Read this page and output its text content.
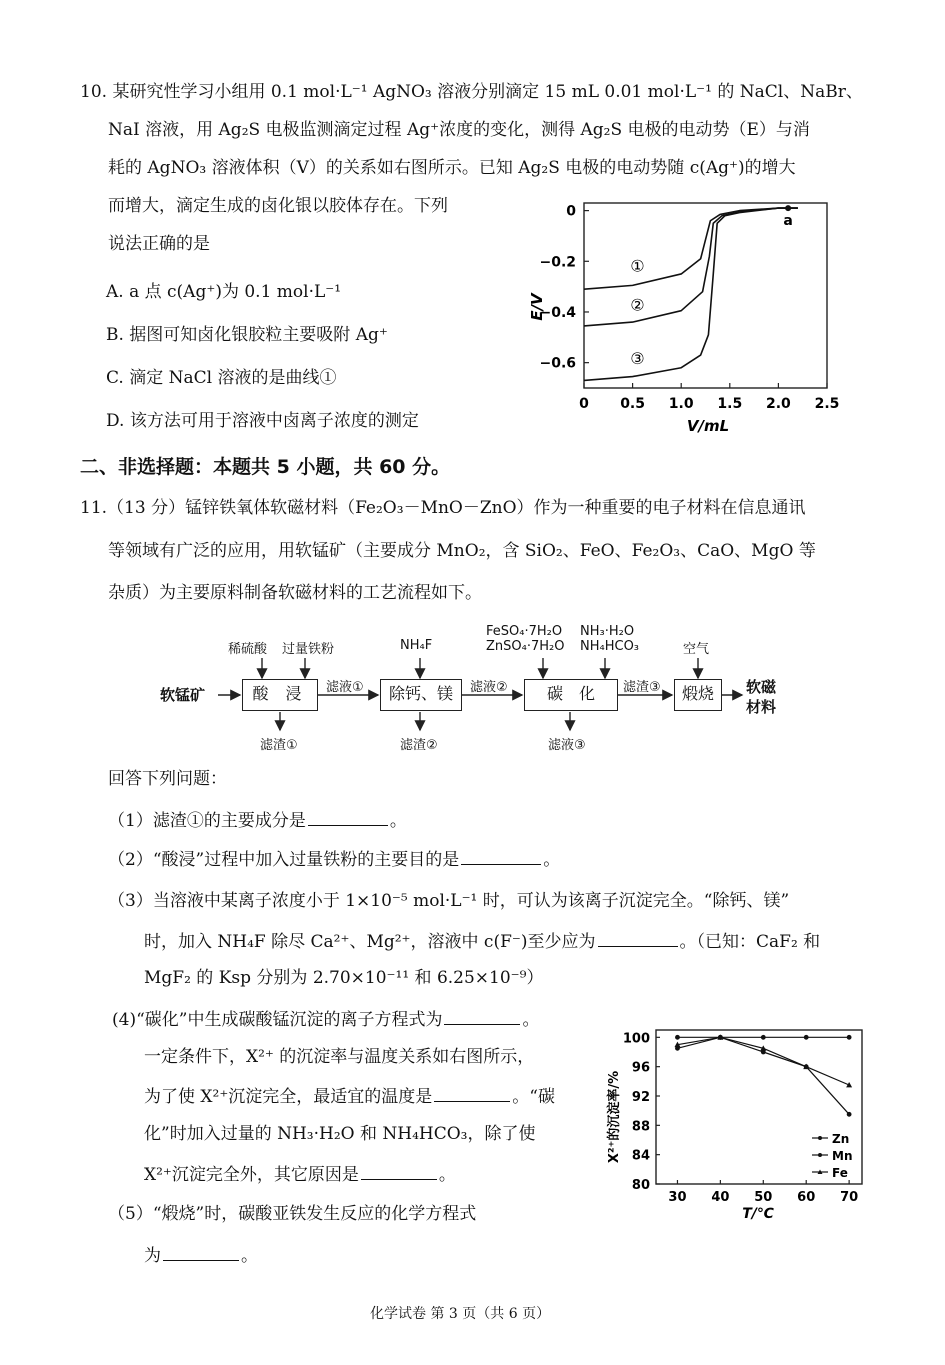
10. 某研究性学习小组用 0.1 mol·L⁻¹ AgNO₃ 溶液分别滴定 15 mL 0.01 mol·L⁻¹ 的 NaCl、NaBr、
NaI 溶液，用 Ag₂S 电极监测滴定过程 Ag⁺浓度的变化，测得 Ag₂S 电极的电动势（E）与消
耗的 AgNO₃ 溶液体积（V）的关系如右图所示。已知 Ag₂S 电极的电动势随 c(Ag⁺)的增大
而增大，滴定生成的卤化银以胶体存在。下列
说法正确的是
A. a 点 c(Ag⁺)为 0.1 mol·L⁻¹
B. 据图可知卤化银胶粒主要吸附 Ag⁺
C. 滴定 NaCl 溶液的是曲线①
D. 该方法可用于溶液中卤离子浓度的测定
0 0.5 1.0 1.5 2.0 2.5
0
−0.2
−0.4
−0.6
①
②
③
a
E/V
V/mL
二、非选择题：本题共 5 小题，共 60 分。
11.（13 分）锰锌铁氧体软磁材料（Fe₂O₃－MnO－ZnO）作为一种重要的电子材料在信息通讯
等领域有广泛的应用，用软锰矿（主要成分 MnO₂，含 SiO₂、FeO、Fe₂O₃、CaO、MgO 等
杂质）为主要原料制备软磁材料的工艺流程如下。
软锰矿	酸 浸	除钙、镁	碳　化	煅烧	软磁
材料
稀硫酸 过量铁粉	NH₄F
FeSO₄·7H₂O
ZnSO₄·7H₂O
NH₃·H₂O
NH₄HCO₃	空气
滤液①	滤液②	滤渣③
滤渣①	滤渣②	滤液③
回答下列问题：
（1）滤渣①的主要成分是	。
（2）“酸浸”过程中加入过量铁粉的主要目的是	。
（3）当溶液中某离子浓度小于 1×10⁻⁵ mol·L⁻¹ 时，可认为该离子沉淀完全。“除钙、镁”
时，加入 NH₄F 除尽 Ca²⁺、Mg²⁺，溶液中 c(F⁻)至少应为	。（已知：CaF₂ 和
MgF₂ 的 Ksp 分别为 2.70×10⁻¹¹ 和 6.25×10⁻⁹）
(4)“碳化”中生成碳酸锰沉淀的离子方程式为	。
一定条件下，X²⁺ 的沉淀率与温度关系如右图所示，
为了使 X²⁺沉淀完全，最适宜的温度是	。“碳
化”时加入过量的 NH₃·H₂O 和 NH₄HCO₃，除了使
X²⁺沉淀完全外，其它原因是	。
（5）“煅烧”时，碳酸亚铁发生反应的化学方程式
为	。
30 40 50 60 70
80
84
88
92
96
100
Zn
Mn
Fe
X²⁺的沉淀率/%
T/℃
化学试卷 第 3 页（共 6 页）
